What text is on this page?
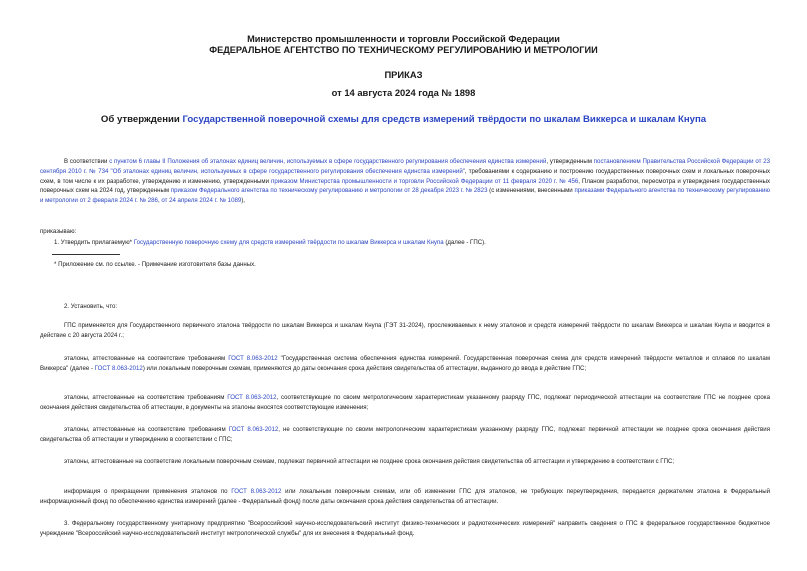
Министерство промышленности и торговли Российской Федерации
ФЕДЕРАЛЬНОЕ АГЕНТСТВО ПО ТЕХНИЧЕСКОМУ РЕГУЛИРОВАНИЮ И МЕТРОЛОГИИ
ПРИКАЗ
от 14 августа 2024 года № 1898
Об утверждении Государственной поверочной схемы для средств измерений твёрдости по шкалам Виккерса и шкалам Кнупа
В соответствии с пунктом 6 главы II Положения об эталонах единиц величин, используемых в сфере государственного регулирования обеспечения единства измерений, утвержденным постановлением Правительства Российской Федерации от 23 сентября 2010 г. № 734 "Об эталонах единиц величин, используемых в сфере государственного регулирования обеспечения единства измерений", требованиями к содержанию и построению государственных поверочных схем и локальных поверочных схем, в том числе к их разработке, утверждению и изменению, утвержденными приказом Министерства промышленности и торговли Российской Федерации от 11 февраля 2020 г. № 456, Планом разработки, пересмотра и утверждения государственных поверочных схем на 2024 год, утвержденным приказом Федерального агентства по техническому регулированию и метрологии от 28 декабря 2023 г. № 2823 (с изменениями, внесенными приказами Федерального агентства по техническому регулированию и метрологии от 2 февраля 2024 г. № 286, от 24 апреля 2024 г. № 1089),
приказываю:
1. Утвердить прилагаемую* Государственную поверочную схему для средств измерений твёрдости по шкалам Виккерса и шкалам Кнупа (далее - ГПС).
* Приложение см. по ссылке. - Примечание изготовителя базы данных.
2. Установить, что:
ГПС применяется для Государственного первичного эталона твёрдости по шкалам Виккерса и шкалам Кнупа (ГЭТ 31-2024), прослеживаемых к нему эталонов и средств измерений твёрдости по шкалам Виккерса и шкалам Кнупа и вводится в действие с 20 августа 2024 г.;
эталоны, аттестованные на соответствие требованиям ГОСТ 8.063-2012 "Государственная система обеспечения единства измерений. Государственная поверочная схема для средств измерений твёрдости металлов и сплавов по шкалам Виккерса" (далее - ГОСТ 8.063-2012) или локальным поверочным схемам, применяются до даты окончания срока действия свидетельства об аттестации, выданного до ввода в действие ГПС;
эталоны, аттестованные на соответствие требованиям ГОСТ 8.063-2012, соответствующие по своим метрологическим характеристикам указанному разряду ГПС, подлежат периодической аттестации на соответствие ГПС не позднее срока окончания действия свидетельства об аттестации, в документы на эталоны вносятся соответствующие изменения;
эталоны, аттестованные на соответствие требованиям ГОСТ 8.063-2012, не соответствующие по своим метрологическим характеристикам указанному разряду ГПС, подлежат первичной аттестации не позднее срока окончания действия свидетельства об аттестации и утверждению в соответствии с ГПС;
эталоны, аттестованные на соответствие локальным поверочным схемам, подлежат первичной аттестации не позднее срока окончания действия свидетельства об аттестации и утверждению в соответствии с ГПС;
информация о прекращении применения эталонов по ГОСТ 8.063-2012 или локальным поверочным схемам, или об изменении ГПС для эталонов, не требующих переутверждения, передается держателем эталона в Федеральный информационный фонд по обеспечению единства измерений (далее - Федеральный фонд) после даты окончания срока действия свидетельства об аттестации.
3. Федеральному государственному унитарному предприятию "Всероссийский научно-исследовательский институт физико-технических и радиотехнических измерений" направить сведения о ГПС в федеральное государственное бюджетное учреждение "Всероссийский научно-исследовательский институт метрологической службы" для их внесения в Федеральный фонд.
